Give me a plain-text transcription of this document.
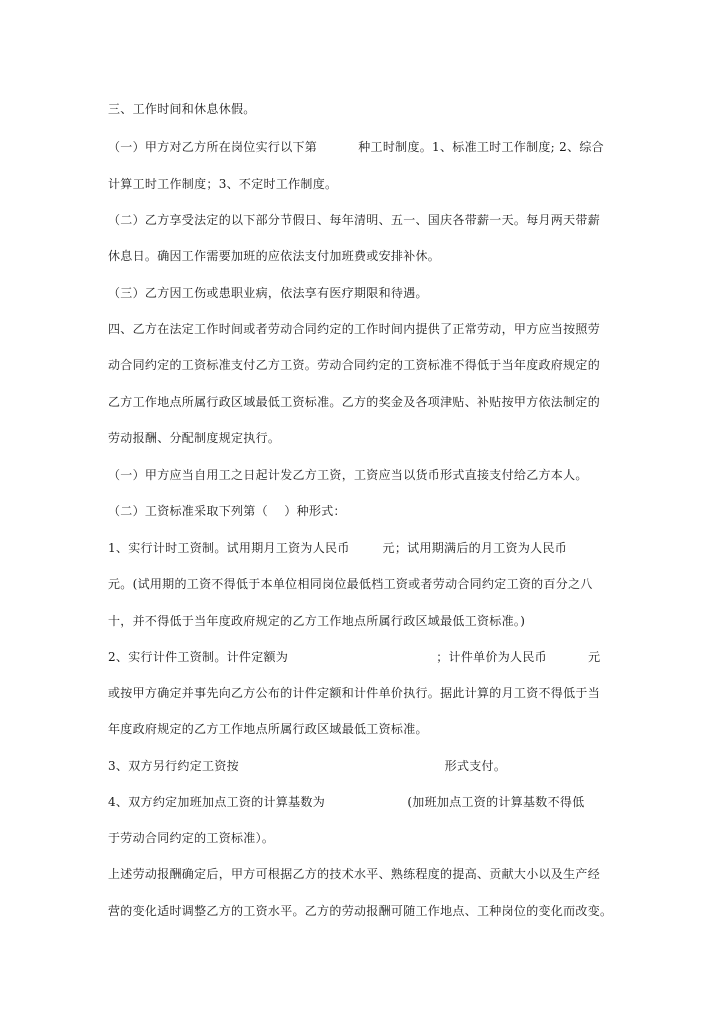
三、工作时间和休息休假。
（一）甲方对乙方所在岗位实行以下第          种工时制度。1、标准工时工作制度; 2、综合
计算工时工作制度；3、不定时工作制度。
（二）乙方享受法定的以下部分节假日、每年清明、五一、国庆各带薪一天。每月两天带薪
休息日。确因工作需要加班的应依法支付加班费或安排补休。
（三）乙方因工伤或患职业病，依法享有医疗期限和待遇。
四、乙方在法定工作时间或者劳动合同约定的工作时间内提供了正常劳动，甲方应当按照劳
动合同约定的工资标准支付乙方工资。劳动合同约定的工资标准不得低于当年度政府规定的
乙方工作地点所属行政区域最低工资标准。乙方的奖金及各项津贴、补贴按甲方依法制定的
劳动报酬、分配制度规定执行。
（一）甲方应当自用工之日起计发乙方工资，工资应当以货币形式直接支付给乙方本人。
（二）工资标准采取下列第（    ）种形式：
1、实行计时工资制。试用期月工资为人民币        元；试用期满后的月工资为人民币
元。(试用期的工资不得低于本单位相同岗位最低档工资或者劳动合同约定工资的百分之八
十，并不得低于当年度政府规定的乙方工作地点所属行政区域最低工资标准。)
2、实行计件工资制。计件定额为                                    ；计件单价为人民币          元
或按甲方确定并事先向乙方公布的计件定额和计件单价执行。据此计算的月工资不得低于当
年度政府规定的乙方工作地点所属行政区域最低工资标准。
3、双方另行约定工资按                                                  形式支付。
4、双方约定加班加点工资的计算基数为                    (加班加点工资的计算基数不得低
于劳动合同约定的工资标准）。
上述劳动报酬确定后，甲方可根据乙方的技术水平、熟练程度的提高、贡献大小以及生产经
营的变化适时调整乙方的工资水平。乙方的劳动报酬可随工作地点、工种岗位的变化而改变。
